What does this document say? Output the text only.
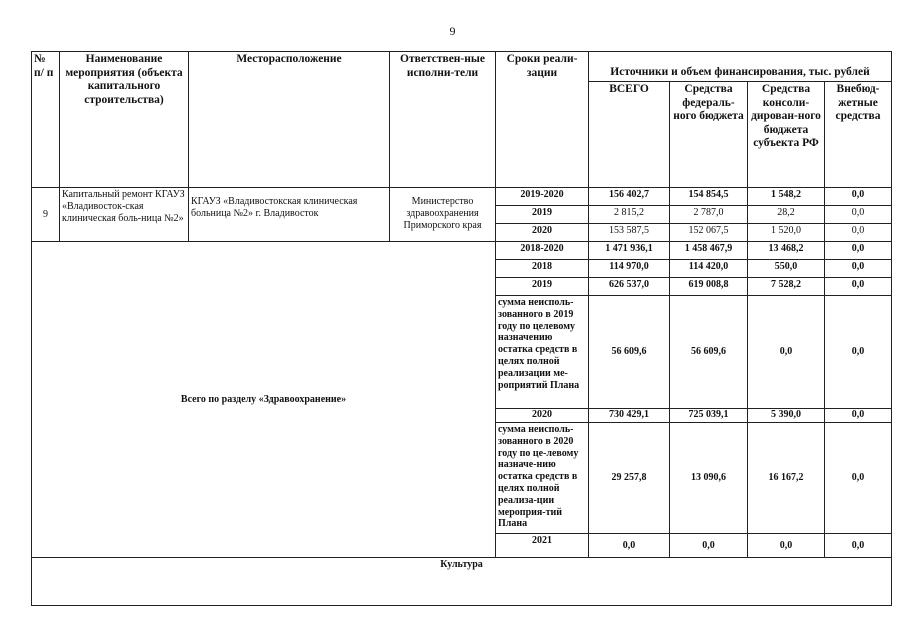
9
№ п/ п	Наименование мероприятия (объекта капитального строительства)	Месторасположение	Ответствен-ные исполни-тели	Сроки реали-зации	Источники и объем финансирования, тыс. рублей			
					ВСЕГО	Средства федераль-ного бюджета	Средства консоли-дирован-ного бюджета субъекта РФ	Внебюд-жетные средства
9	Капитальный ремонт КГАУЗ «Владивосток-ская клиническая боль-ница №2»	КГАУЗ «Владивостокская клиническая больница №2» г. Владивосток	Министерство здравоохранения Приморского края	2019-2020	156 402,7	154 854,5	1 548,2	0,0
				2019	2 815,2	2 787,0	28,2	0,0
				2020	153 587,5	152 067,5	1 520,0	0,0
Всего по разделу «Здравоохранение»				2018-2020	1 471 936,1	1 458 467,9	13 468,2	0,0
				2018	114 970,0	114 420,0	550,0	0,0
				2019	626 537,0	619 008,8	7 528,2	0,0
				сумма неисполь-зованного в 2019 году по целевому назначению остатка средств в целях полной реализации ме-роприятий Плана	56 609,6	56 609,6	0,0	0,0
				2020	730 429,1	725 039,1	5 390,0	0,0
				сумма неисполь-зованного в 2020 году по це-левому назначе-нию остатка средств в целях полной реализа-ции мероприя-тий Плана	29 257,8	13 090,6	16 167,2	0,0
				2021	0,0	0,0	0,0	0,0
Культура								
